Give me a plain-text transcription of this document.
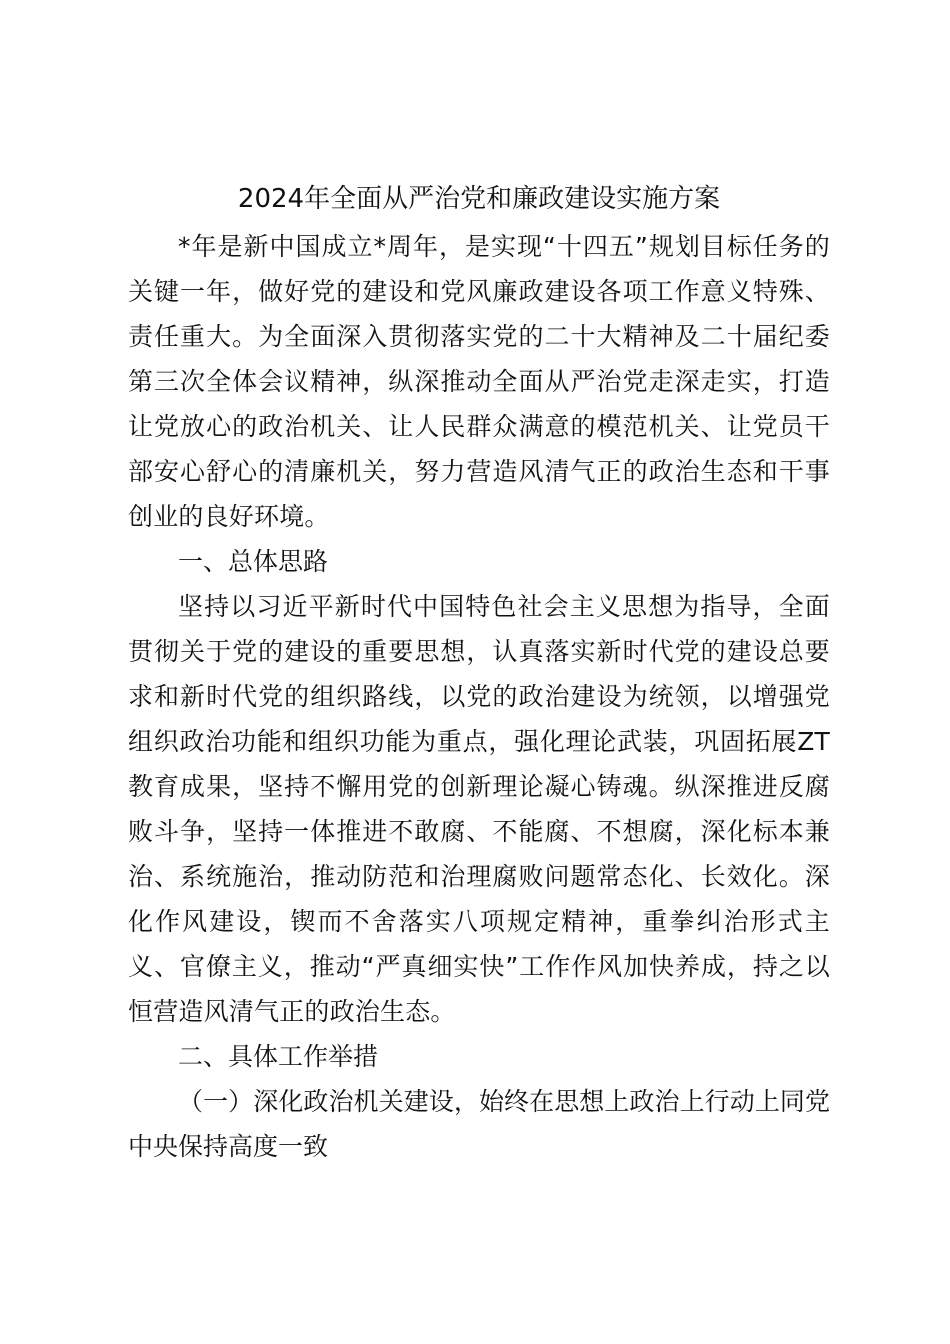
2024年全面从严治党和廉政建设实施方案

*年是新中国成立*周年，是实现“十四五”规划目标任务的关键一年，做好党的建设和党风廉政建设各项工作意义特殊、责任重大。为全面深入贯彻落实党的二十大精神及二十届纪委第三次全体会议精神，纵深推动全面从严治党走深走实，打造让党放心的政治机关、让人民群众满意的模范机关、让党员干部安心舒心的清廉机关，努力营造风清气正的政治生态和干事创业的良好环境。

一、总体思路

坚持以习近平新时代中国特色社会主义思想为指导，全面贯彻关于党的建设的重要思想，认真落实新时代党的建设总要求和新时代党的组织路线，以党的政治建设为统领，以增强党组织政治功能和组织功能为重点，强化理论武装，巩固拓展ZT教育成果，坚持不懈用党的创新理论凝心铸魂。纵深推进反腐败斗争，坚持一体推进不敢腐、不能腐、不想腐，深化标本兼治、系统施治，推动防范和治理腐败问题常态化、长效化。深化作风建设，锲而不舍落实八项规定精神，重拳纠治形式主义、官僚主义，推动“严真细实快”工作作风加快养成，持之以恒营造风清气正的政治生态。

二、具体工作举措

（一）深化政治机关建设，始终在思想上政治上行动上同党中央保持高度一致
